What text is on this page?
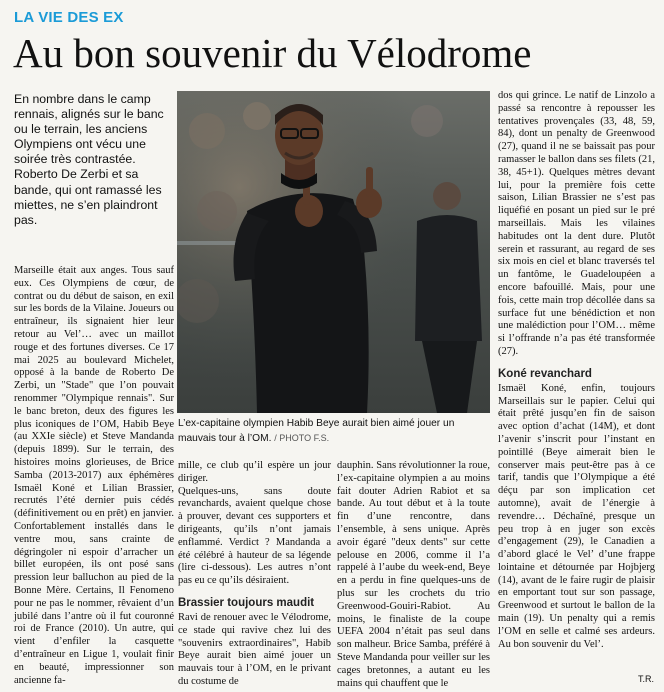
LA VIE DES EX
Au bon souvenir du Vélodrome
En nombre dans le camp rennais, alignés sur le banc ou le terrain, les anciens Olympiens ont vécu une soirée très contrastée. Roberto De Zerbi et sa bande, qui ont ramassé les miettes, ne s’en plaindront pas.
L’ex-capitaine olympien Habib Beye aurait bien aimé jouer un mauvais tour à l’OM. / PHOTO F.S.

Marseille était aux anges. Tous sauf eux. Ces Olympiens de cœur, de contrat ou du début de saison, en exil sur les bords de la Vilaine. Joueurs ou entraîneur, ils signaient hier leur retour au Vel’… avec un maillot rouge et des fortunes diverses. Ce 17 mai 2025 au boulevard Michelet, opposé à la bande de Roberto De Zerbi, un "Stade" que l’on pouvait renommer "Olympique rennais". Sur le banc breton, deux des figures les plus iconiques de l’OM, Habib Beye (au XXIe siècle) et Steve Mandanda (depuis 1899). Sur le terrain, des histoires moins glorieuses, de Brice Samba (2013-2017) aux éphémères Ismaël Koné et Lilian Brassier, recrutés l’été dernier puis cédés (définitivement ou en prêt) en janvier. Confortablement installés dans le ventre mou, sans crainte de dégringoler ni espoir d’arracher un billet européen, ils ont posé sans pression leur balluchon au pied de la Bonne Mère. Certains, Il Fenomeno pour ne pas le nommer, rêvaient d’un jubilé dans l’antre où il fut couronné roi de France (2010). Un autre, qui vient d’enfiler la casquette d’entraîneur en Ligue 1, voulait finir en beauté, impressionner son ancienne fa-

mille, ce club qu’il espère un jour diriger.

Quelques-uns, sans doute revanchards, avaient quelque chose à prouver, devant ces supporters et dirigeants, qu’ils n’ont jamais enflammé. Verdict ? Mandanda a été célébré à hauteur de sa légende (lire ci-dessous). Les autres n’ont pas eu ce qu’ils désiraient.

Brassier toujours maudit

Ravi de renouer avec le Vélodrome, ce stade qui ravive chez lui des "souvenirs extraordinaires", Habib Beye aurait bien aimé jouer un mauvais tour à l’OM, en le privant du costume de

dauphin. Sans révolutionner la roue, l’ex-capitaine olympien a au moins fait douter Adrien Rabiot et sa bande. Au tout début et à la toute fin d’une rencontre, dans l’ensemble, à sens unique. Après avoir égaré "deux dents" sur cette pelouse en 2006, comme il l’a rappelé à l’aube du week-end, Beye en a perdu in fine quelques-uns de plus sur les crochets du trio Greenwood-Gouiri-Rabiot. Au moins, le finaliste de la coupe UEFA 2004 n’était pas seul dans son malheur. Brice Samba, préféré à Steve Mandanda pour veiller sur les cages bretonnes, a autant eu les mains qui chauffent que le

dos qui grince. Le natif de Linzolo a passé sa rencontre à repousser les tentatives provençales (33, 48, 59, 84), dont un penalty de Greenwood (27), quand il ne se baissait pas pour ramasser le ballon dans ses filets (21, 38, 45+1). Quelques mètres devant lui, pour la première fois cette saison, Lilian Brassier ne s’est pas liquéfié en posant un pied sur le pré marseillais. Mais les vilaines habitudes ont la dent dure. Plutôt serein et rassurant, au regard de ses six mois en ciel et blanc traversés tel un fantôme, le Guadeloupéen a encore bafouillé. Mais, pour une fois, cette main trop décollée dans sa surface fut une bénédiction et non une malédiction pour l’OM… même si l’offrande n’a pas été transformée (27).

Koné revanchard

Ismaël Koné, enfin, toujours Marseillais sur le papier. Celui qui était prêté jusqu’en fin de saison avec option d’achat (14M), et dont l’avenir s’inscrit pour l’instant en pointillé (Beye aimerait bien le conserver mais peut-être pas à ce tarif, tandis que l’Olympique a été déçu par son implication cet automne), avait de l’énergie à revendre… Déchaîné, presque un peu trop à en juger son excès d’engagement (29), le Canadien a d’abord glacé le Vel’ d’une frappe lointaine et détournée par Hojbjerg (14), avant de le faire rugir de plaisir en emportant tout sur son passage, Greenwood et surtout le ballon de la main (19). Un penalty qui a remis l’OM en selle et calmé ses ardeurs. Au bon souvenir du Vel’.

T.R.
